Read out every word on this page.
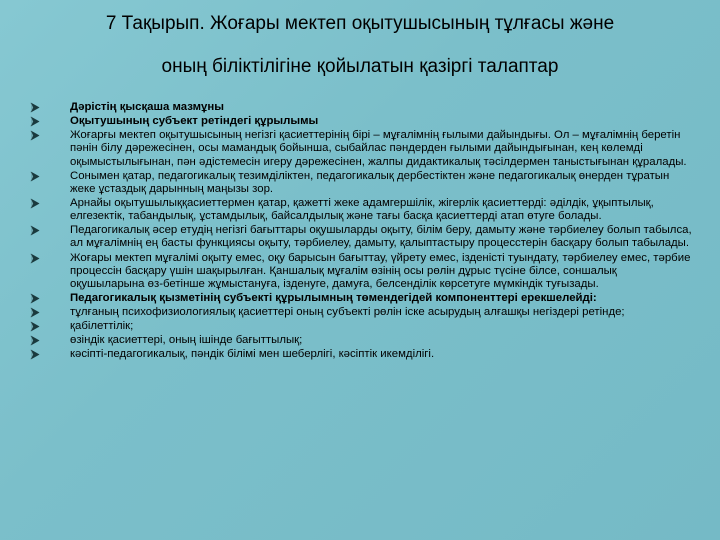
7 Тақырып. Жоғары мектеп оқытушысының тұлғасы және
оның біліктілігіне қойылатын қазіргі талаптар
Дәрістің қысқаша мазмұны
Оқытушының субъект ретіндегі құрылымы
Жоғарғы мектеп оқытушысының негізгі қасиеттерінің бірі – мұғалімнің ғылыми дайындығы. Ол – мұғалімнің беретін пәнін білу дәрежесінен, осы мамандық бойынша, сыбайлас пәндерден ғылыми дайындығынан, кең көлемді оқымыстылығынан, пән әдістемесін игеру дәрежесінен, жалпы дидактикалық тәсілдермен таныстығынан құралады.
Сонымен қатар, педагогикалық тезимділіктен, педагогикалық дербестіктен және педагогикалық өнерден тұратын жеке ұстаздық дарынның маңызы зор.
Арнайы оқытушылыққасиеттермен қатар, қажетті жеке адамгершілік, жігерлік қасиеттерді: әділдік, ұқыптылық, елгезектік, табандылық, ұстамдылық, байсалдылық және тағы басқа қасиеттерді атап өтуге болады.
Педагогикалық әсер етудің негізгі бағыттары оқушыларды оқыту, білім беру, дамыту және тәрбиелеу болып табылса, ал мұғалімнің ең басты функциясы оқыту, тәрбиелеу, дамыту, қалыптастыру процесстерін басқару болып табылады.
Жоғары мектеп мұғалімі оқыту емес, оқу барысын бағыттау, үйрету емес, ізденісті туындату, тәрбиелеу емес, тәрбие процессін басқару үшін шақырылған. Қаншалық мұғалім өзінің осы рөлін дұрыс түсіне білсе, соншалық оқушыларына өз-бетінше жұмыстануға, ізденуге, дамуға, белсенділік көрсетуге мүмкіндік туғызады.
Педагогикалық қызметінің субъекті құрылымның төмендегідей компоненттері ерекшелейді:
тұлғаның психофизиологиялық қасиеттері оның субъекті рөлін іске асырудың алғашқы негіздері ретінде;
қабілеттілік;
өзіндік қасиеттері, оның ішінде бағыттылық;
кәсіпті-педагогикалық, пәндік білімі мен шеберлігі, кәсіптік икемділігі.
